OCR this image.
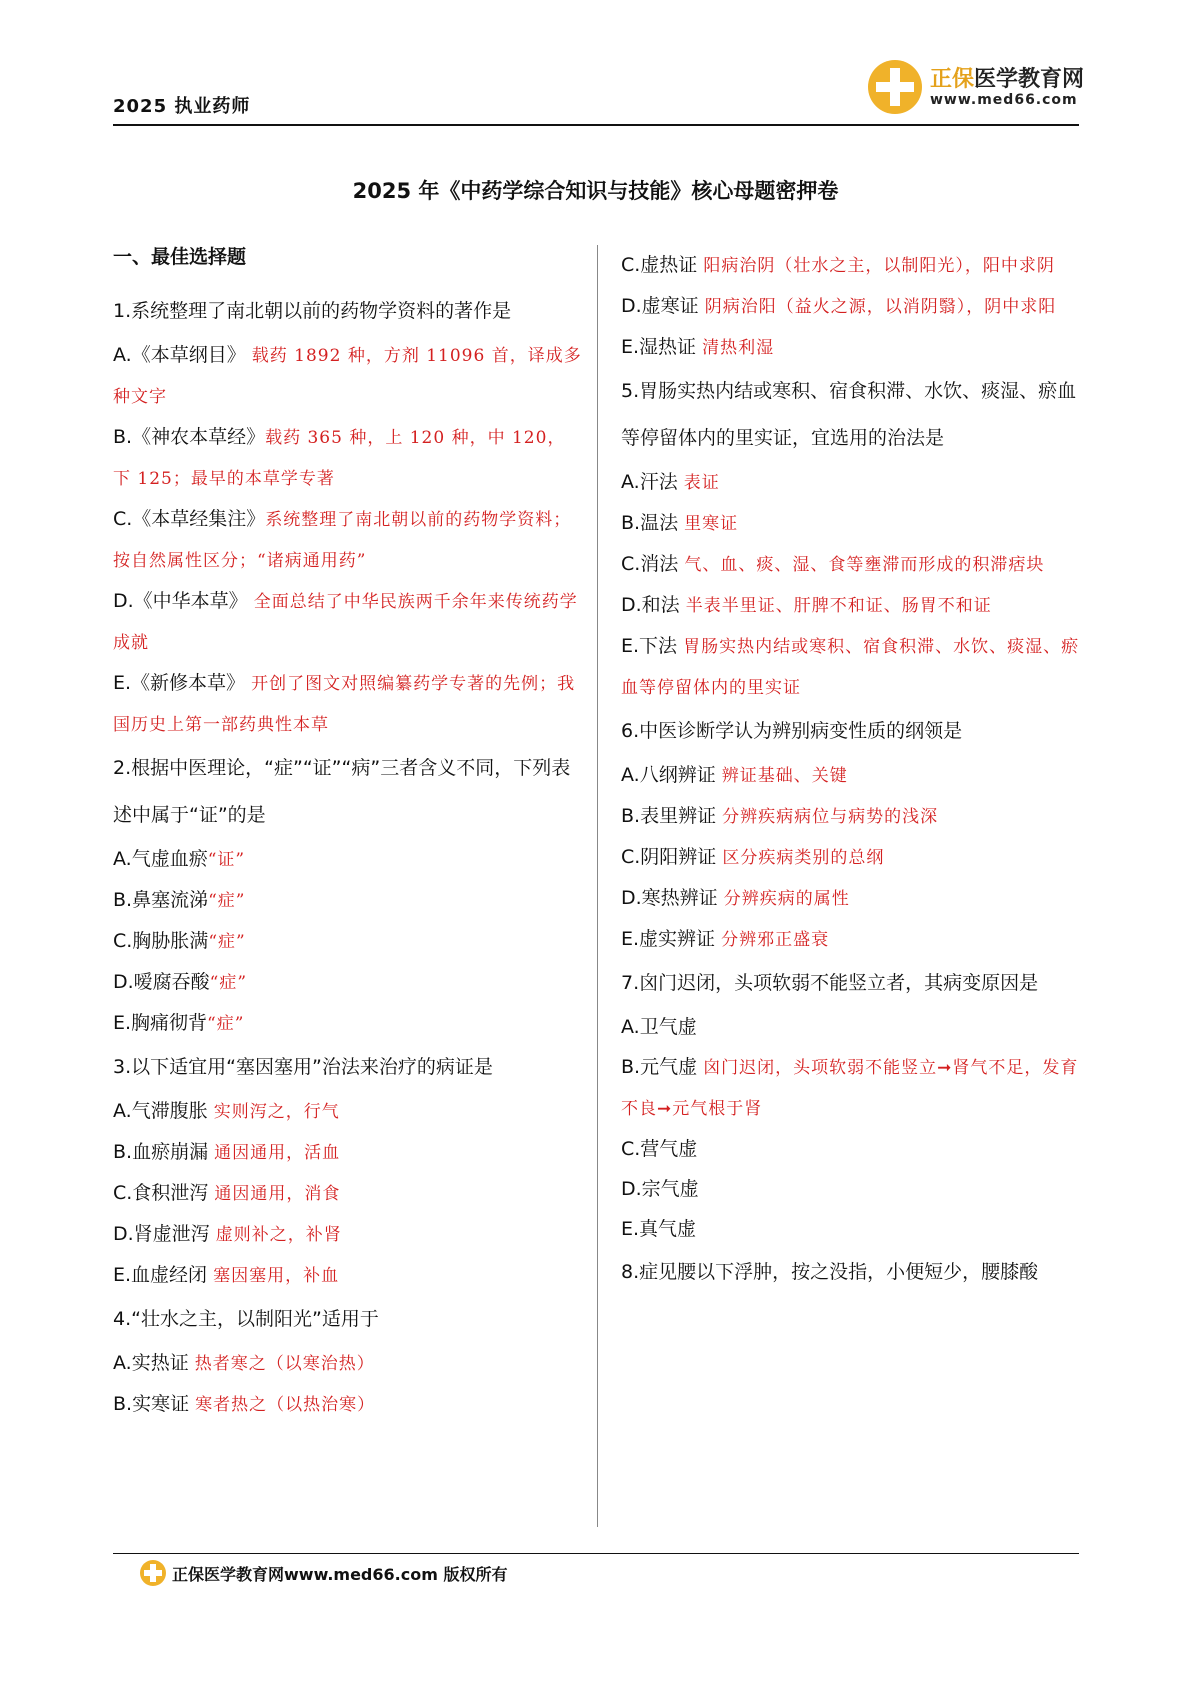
2025 执业药师
正保医学教育网
www.med66.com
2025 年《中药学综合知识与技能》核心母题密押卷

一、最佳选择题

1.系统整理了南北朝以前的药物学资料的著作是

A.《本草纲目》 载药 1892 种，方剂 11096 首，译成多种文字

B.《神农本草经》载药 365 种，上 120 种，中 120，下 125；最早的本草学专著

C.《本草经集注》系统整理了南北朝以前的药物学资料；按自然属性区分；“诸病通用药”

D.《中华本草》 全面总结了中华民族两千余年来传统药学成就

E.《新修本草》 开创了图文对照编纂药学专著的先例；我国历史上第一部药典性本草

2.根据中医理论，“症”“证”“病”三者含义不同，下列表述中属于“证”的是

A.气虚血瘀“证”

B.鼻塞流涕“症”

C.胸胁胀满“症”

D.嗳腐吞酸“症”

E.胸痛彻背“症”

3.以下适宜用“塞因塞用”治法来治疗的病证是

A.气滞腹胀 实则泻之，行气

B.血瘀崩漏 通因通用，活血

C.食积泄泻 通因通用，消食

D.肾虚泄泻 虚则补之，补肾

E.血虚经闭 塞因塞用，补血

4.“壮水之主，以制阳光”适用于

A.实热证 热者寒之（以寒治热）

B.实寒证 寒者热之（以热治寒）

C.虚热证 阳病治阴（壮水之主，以制阳光），阳中求阴

D.虚寒证 阴病治阳（益火之源，以消阴翳），阴中求阳

E.湿热证 清热利湿

5.胃肠实热内结或寒积、宿食积滞、水饮、痰湿、瘀血等停留体内的里实证，宜选用的治法是

A.汗法 表证

B.温法 里寒证

C.消法 气、血、痰、湿、食等壅滞而形成的积滞痞块

D.和法 半表半里证、肝脾不和证、肠胃不和证

E.下法 胃肠实热内结或寒积、宿食积滞、水饮、痰湿、瘀血等停留体内的里实证

6.中医诊断学认为辨别病变性质的纲领是

A.八纲辨证 辨证基础、关键

B.表里辨证 分辨疾病病位与病势的浅深

C.阴阳辨证 区分疾病类别的总纲

D.寒热辨证 分辨疾病的属性

E.虚实辨证 分辨邪正盛衰

7.囟门迟闭，头项软弱不能竖立者，其病变原因是

A.卫气虚

B.元气虚 囟门迟闭，头项软弱不能竖立➞肾气不足，发育不良➞元气根于肾

C.营气虚

D.宗气虚

E.真气虚

8.症见腰以下浮肿，按之没指，小便短少，腰膝酸

正保医学教育网www.med66.com 版权所有
